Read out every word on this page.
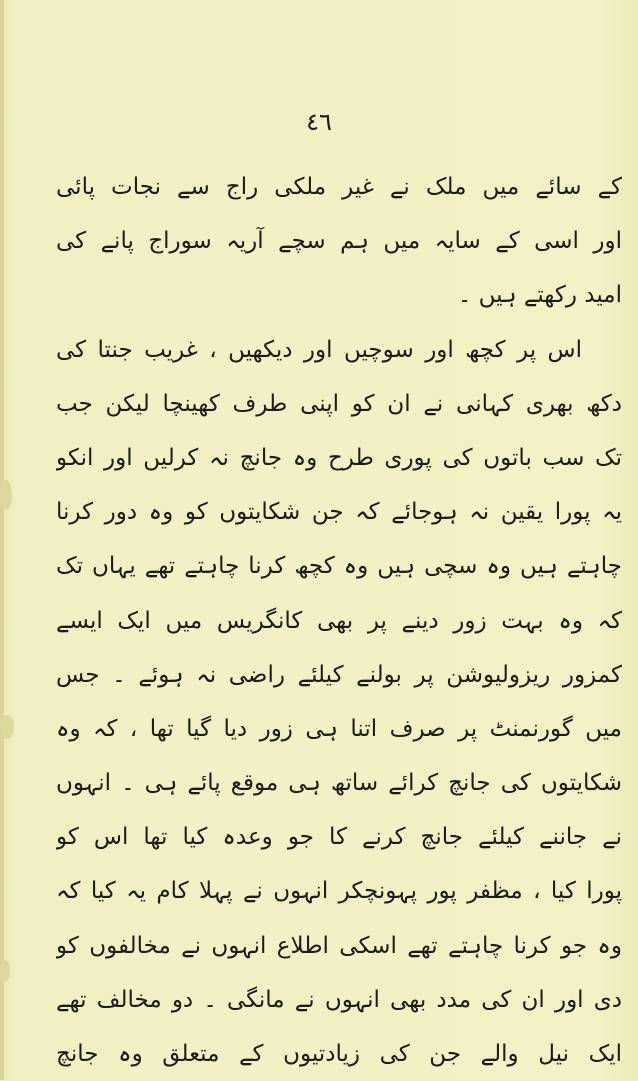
٤٦
کے سائے میں ملک نے غیر ملکی راج سے نجات پائی
اور اسی کے سایہ میں ہم سچے آریہ سوراج پانے کی
امید رکھتے ہیں ۔
اس پر کچھ اور سوچیں اور دیکھیں ، غریب جنتا کی
دکھ بھری کہانی نے ان کو اپنی طرف کھینچا لیکن جب
تک سب باتوں کی پوری طرح وہ جانچ نہ کرلیں اور انکو
یہ پورا یقین نہ ہوجائے کہ جن شکایتوں کو وہ دور کرنا
چاہتے ہیں وہ سچی ہیں وہ کچھ کرنا چاہتے تھے یہاں تک
کہ وہ بہت زور دینے پر بھی کانگریس میں ایک ایسے
کمزور ریزولیوشن پر بولنے کیلئے راضی نہ ہوئے ۔ جس
میں گورنمنٹ پر صرف اتنا ہی زور دیا گیا تھا ، کہ وہ
شکایتوں کی جانچ کرائے ساتھ ہی موقع پائے ہی ۔ انہوں
نے جاننے کیلئے جانچ کرنے کا جو وعدہ کیا تھا اس کو
پورا کیا ، مظفر پور پہونچکر انہوں نے پہلا کام یہ کیا کہ
وہ جو کرنا چاہتے تھے اسکی اطلاع انہوں نے مخالفوں کو
دی اور ان کی مدد بھی انہوں نے مانگی ۔ دو مخالف تھے
ایک نیل والے جن کی زیادتیوں کے متعلق وہ جانچ
